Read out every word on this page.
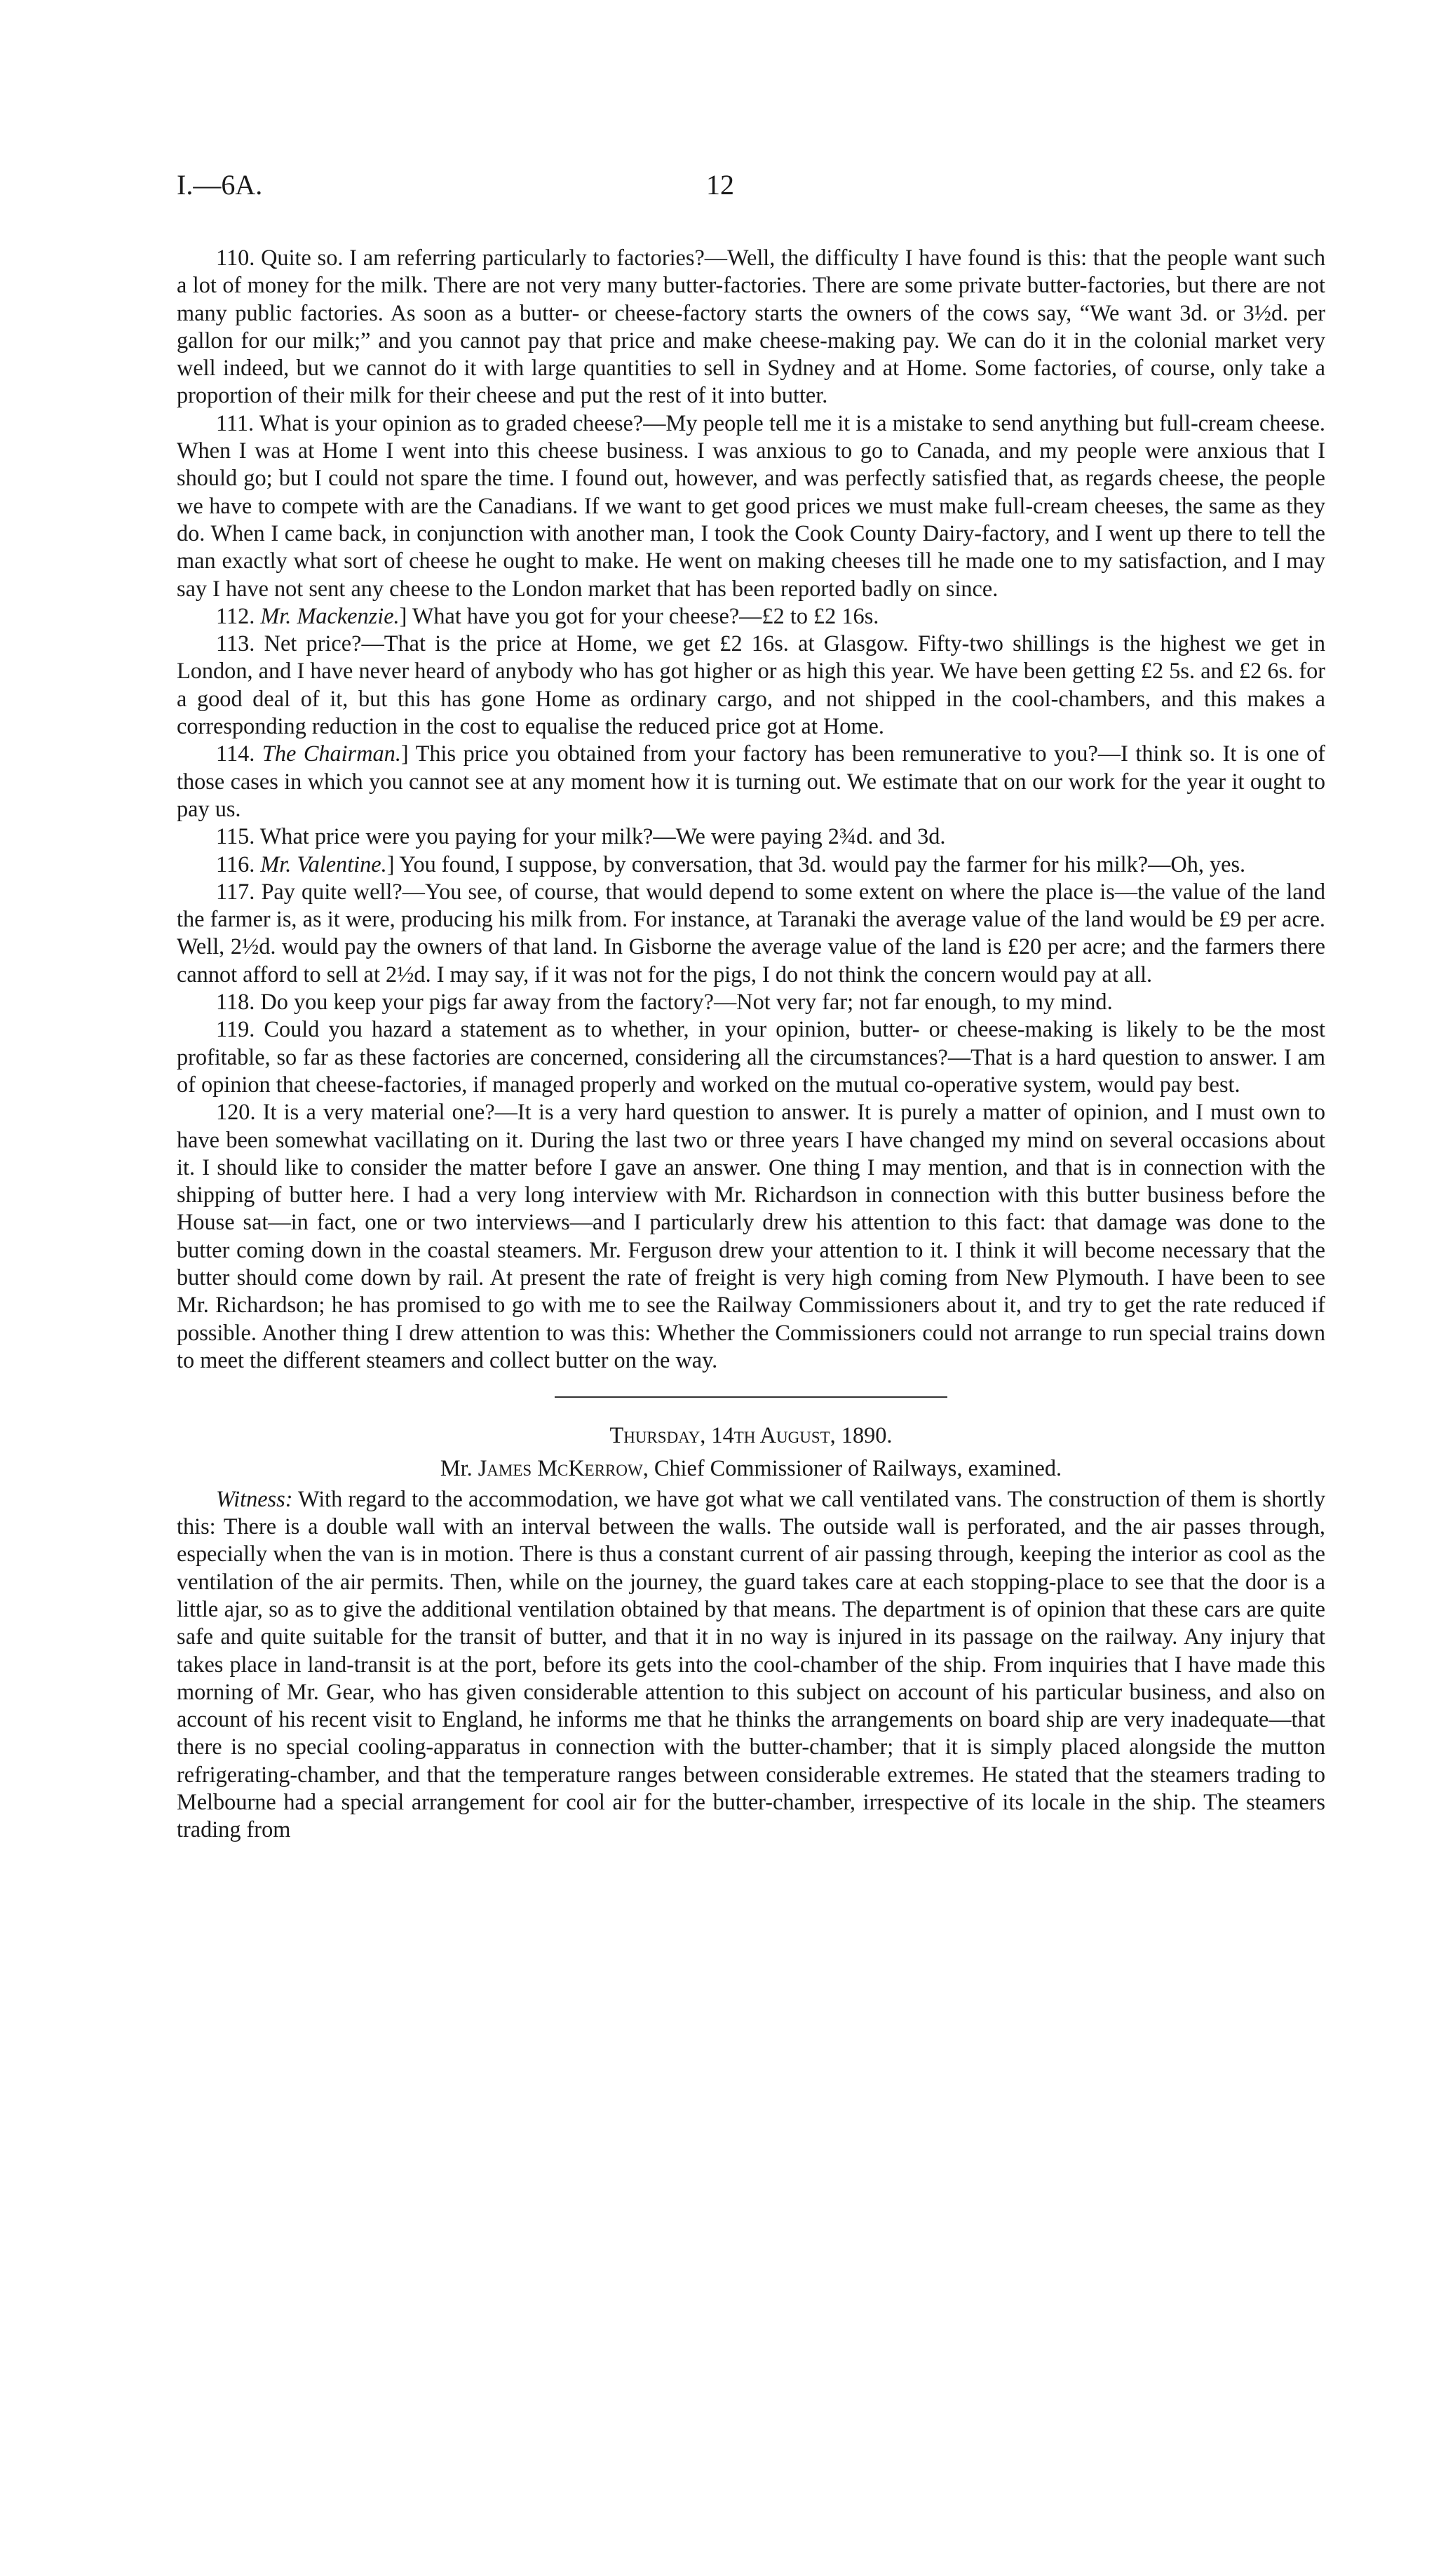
I.—6A.	12

110. Quite so. I am referring particularly to factories?—Well, the difficulty I have found is this: that the people want such a lot of money for the milk. There are not very many butter-factories. There are some private butter-factories, but there are not many public factories. As soon as a butter- or cheese-factory starts the owners of the cows say, “We want 3d. or 3½d. per gallon for our milk;” and you cannot pay that price and make cheese-making pay. We can do it in the colonial market very well indeed, but we cannot do it with large quantities to sell in Sydney and at Home. Some factories, of course, only take a proportion of their milk for their cheese and put the rest of it into butter.

111. What is your opinion as to graded cheese?—My people tell me it is a mistake to send anything but full-cream cheese. When I was at Home I went into this cheese business. I was anxious to go to Canada, and my people were anxious that I should go; but I could not spare the time. I found out, however, and was perfectly satisfied that, as regards cheese, the people we have to compete with are the Canadians. If we want to get good prices we must make full-cream cheeses, the same as they do. When I came back, in conjunction with another man, I took the Cook County Dairy-factory, and I went up there to tell the man exactly what sort of cheese he ought to make. He went on making cheeses till he made one to my satisfaction, and I may say I have not sent any cheese to the London market that has been reported badly on since.

112. Mr. Mackenzie.] What have you got for your cheese?—£2 to £2 16s.

113. Net price?—That is the price at Home, we get £2 16s. at Glasgow. Fifty-two shillings is the highest we get in London, and I have never heard of anybody who has got higher or as high this year. We have been getting £2 5s. and £2 6s. for a good deal of it, but this has gone Home as ordinary cargo, and not shipped in the cool-chambers, and this makes a corresponding reduction in the cost to equalise the reduced price got at Home.

114. The Chairman.] This price you obtained from your factory has been remunerative to you?—I think so. It is one of those cases in which you cannot see at any moment how it is turning out. We estimate that on our work for the year it ought to pay us.

115. What price were you paying for your milk?—We were paying 2¾d. and 3d.

116. Mr. Valentine.] You found, I suppose, by conversation, that 3d. would pay the farmer for his milk?—Oh, yes.

117. Pay quite well?—You see, of course, that would depend to some extent on where the place is—the value of the land the farmer is, as it were, producing his milk from. For instance, at Taranaki the average value of the land would be £9 per acre. Well, 2½d. would pay the owners of that land. In Gisborne the average value of the land is £20 per acre; and the farmers there cannot afford to sell at 2½d. I may say, if it was not for the pigs, I do not think the concern would pay at all.

118. Do you keep your pigs far away from the factory?—Not very far; not far enough, to my mind.

119. Could you hazard a statement as to whether, in your opinion, butter- or cheese-making is likely to be the most profitable, so far as these factories are concerned, considering all the circumstances?—That is a hard question to answer. I am of opinion that cheese-factories, if managed properly and worked on the mutual co-operative system, would pay best.

120. It is a very material one?—It is a very hard question to answer. It is purely a matter of opinion, and I must own to have been somewhat vacillating on it. During the last two or three years I have changed my mind on several occasions about it. I should like to consider the matter before I gave an answer. One thing I may mention, and that is in connection with the shipping of butter here. I had a very long interview with Mr. Richardson in connection with this butter business before the House sat—in fact, one or two interviews—and I particularly drew his attention to this fact: that damage was done to the butter coming down in the coastal steamers. Mr. Ferguson drew your attention to it. I think it will become necessary that the butter should come down by rail. At present the rate of freight is very high coming from New Plymouth. I have been to see Mr. Richardson; he has promised to go with me to see the Railway Commissioners about it, and try to get the rate reduced if possible. Another thing I drew attention to was this: Whether the Commissioners could not arrange to run special trains down to meet the different steamers and collect butter on the way.

Thursday, 14th August, 1890.

Mr. James McKerrow, Chief Commissioner of Railways, examined.

Witness: With regard to the accommodation, we have got what we call ventilated vans. The construction of them is shortly this: There is a double wall with an interval between the walls. The outside wall is perforated, and the air passes through, especially when the van is in motion. There is thus a constant current of air passing through, keeping the interior as cool as the ventilation of the air permits. Then, while on the journey, the guard takes care at each stopping-place to see that the door is a little ajar, so as to give the additional ventilation obtained by that means. The department is of opinion that these cars are quite safe and quite suitable for the transit of butter, and that it in no way is injured in its passage on the railway. Any injury that takes place in land-transit is at the port, before its gets into the cool-chamber of the ship. From inquiries that I have made this morning of Mr. Gear, who has given considerable attention to this subject on account of his particular business, and also on account of his recent visit to England, he informs me that he thinks the arrangements on board ship are very inadequate—that there is no special cooling-apparatus in connection with the butter-chamber; that it is simply placed alongside the mutton refrigerating-chamber, and that the temperature ranges between considerable extremes. He stated that the steamers trading to Melbourne had a special arrangement for cool air for the butter-chamber, irrespective of its locale in the ship. The steamers trading from
